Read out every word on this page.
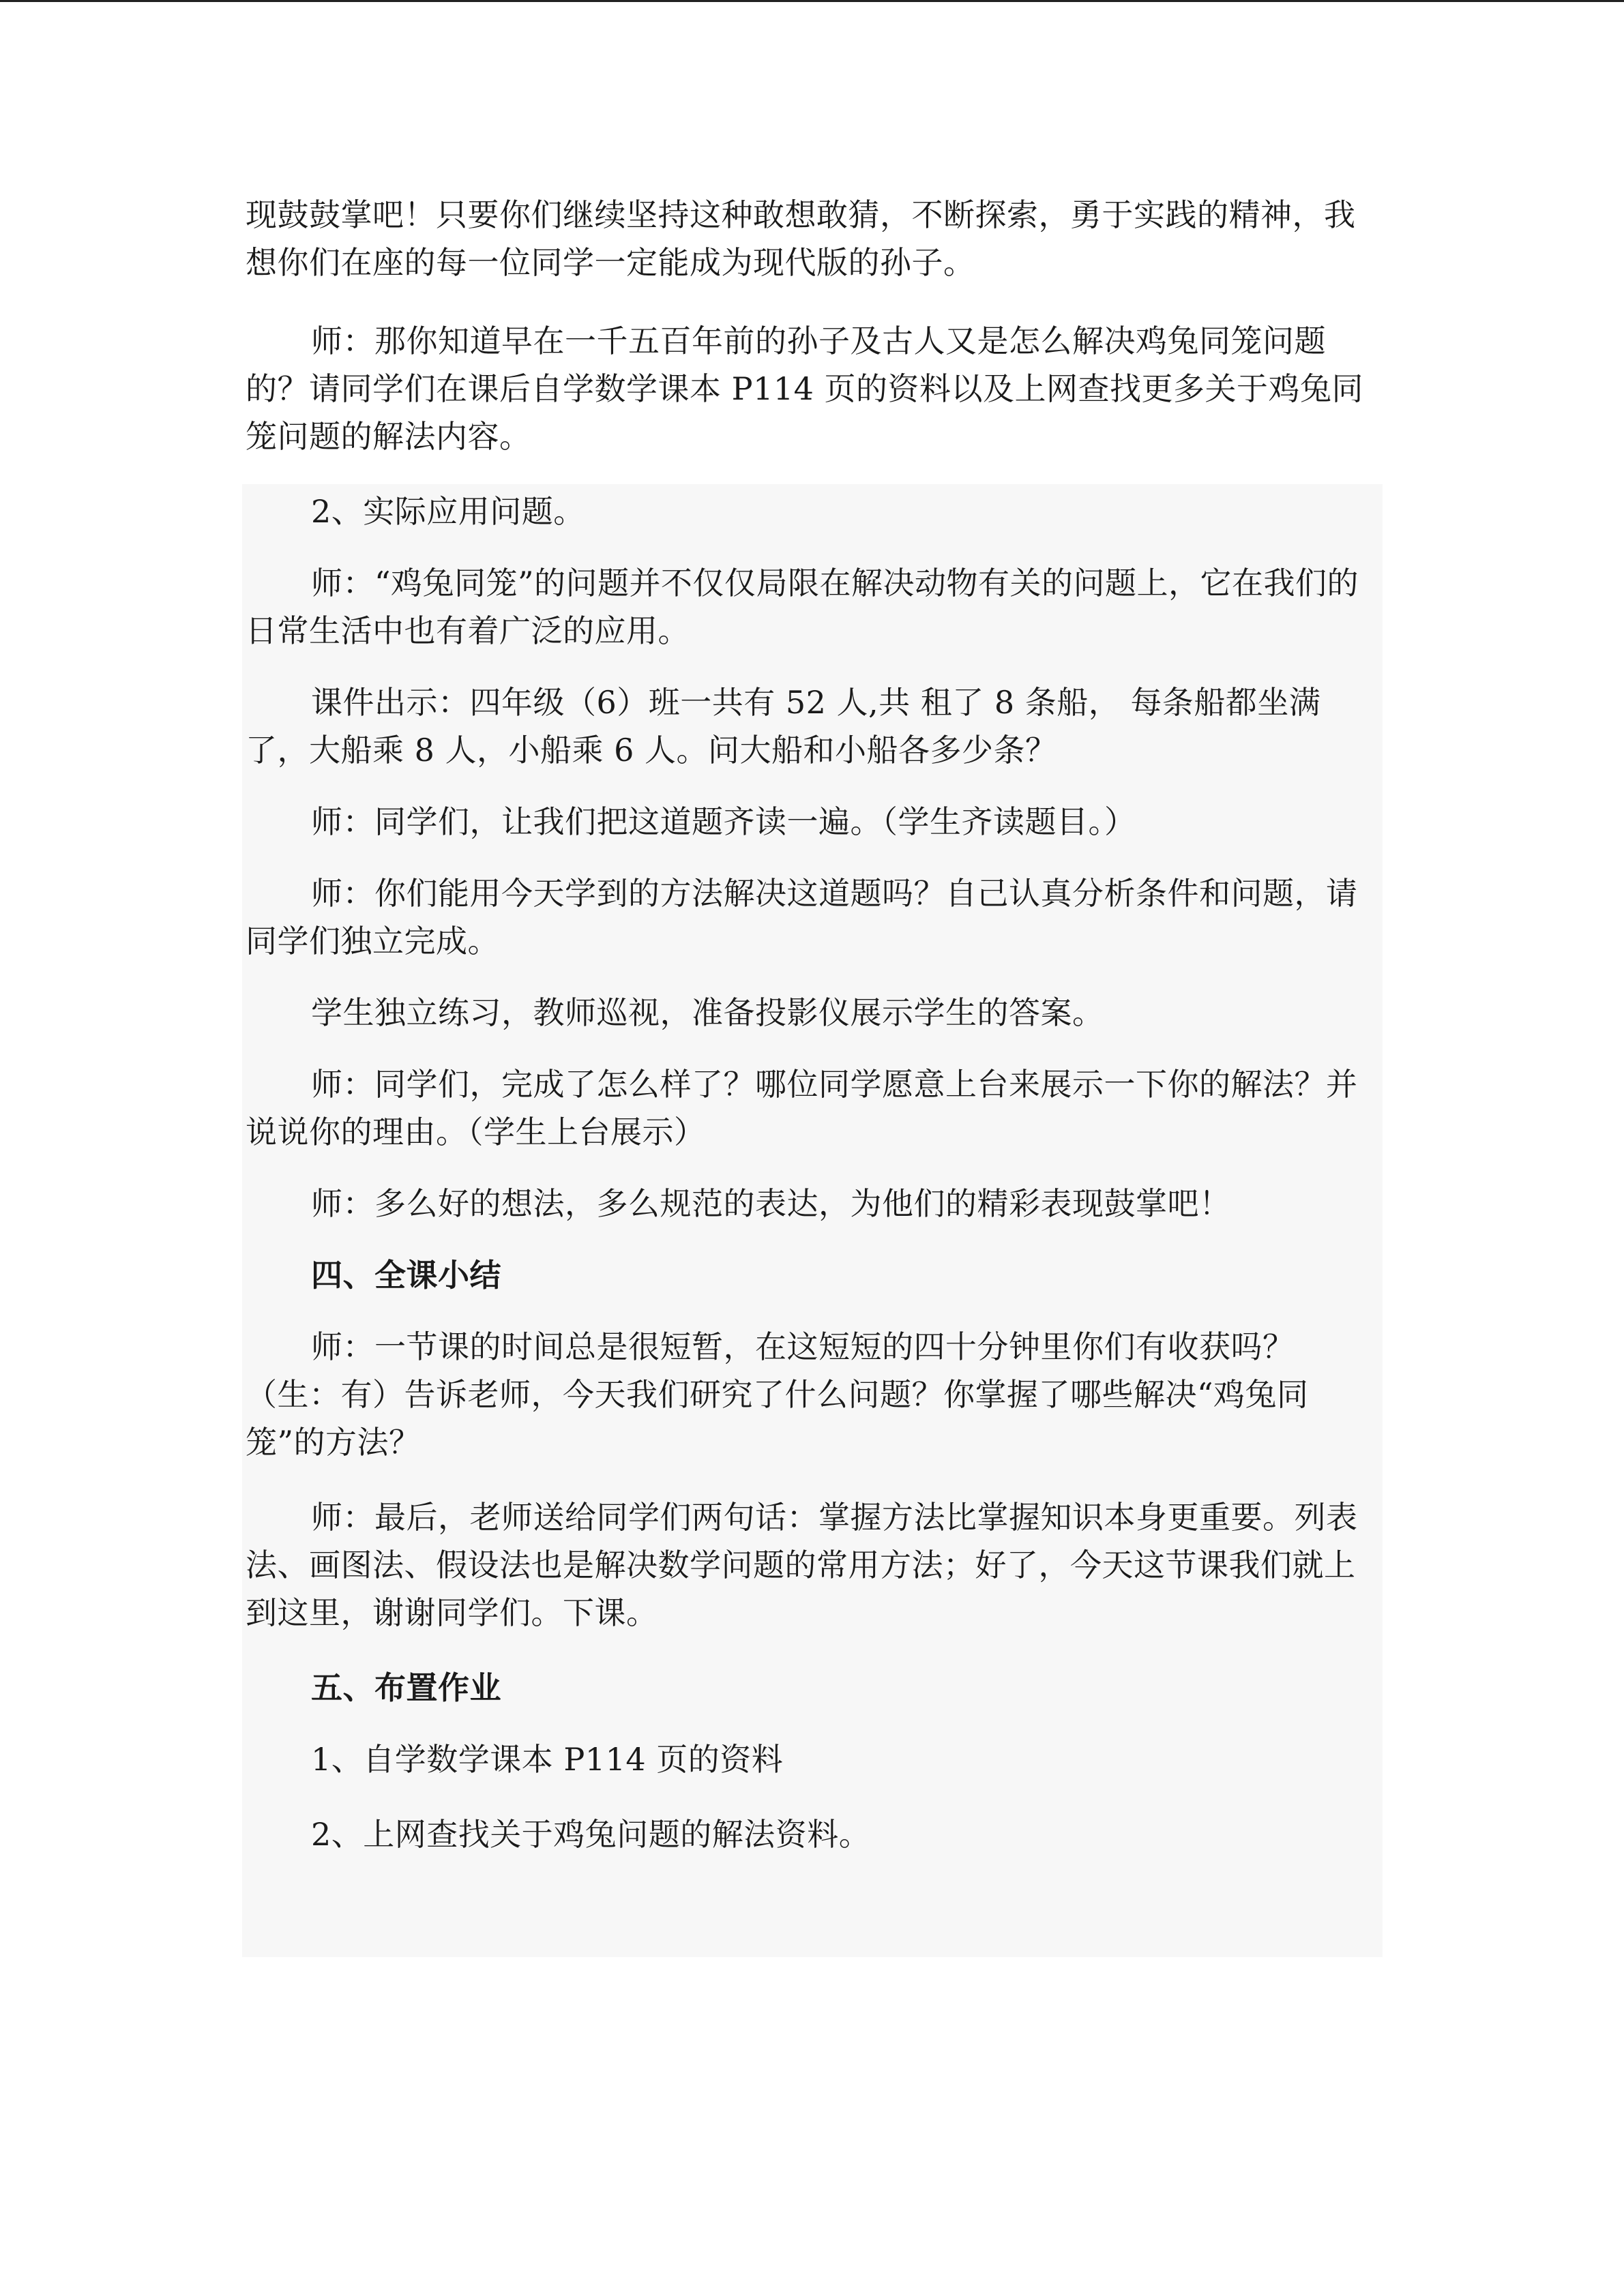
现鼓鼓掌吧！只要你们继续坚持这种敢想敢猜，不断探索，勇于实践的精神，我想你们在座的每一位同学一定能成为现代版的孙子。

师：那你知道早在一千五百年前的孙子及古人又是怎么解决鸡兔同笼问题的？请同学们在课后自学数学课本 P114 页的资料以及上网查找更多关于鸡兔同笼问题的解法内容。

2、实际应用问题。

师：“鸡兔同笼”的问题并不仅仅局限在解决动物有关的问题上，它在我们的日常生活中也有着广泛的应用。

课件出示：四年级（6）班一共有 52 人,共 租了 8 条船， 每条船都坐满了，大船乘 8 人，小船乘 6 人。问大船和小船各多少条？

师：同学们，让我们把这道题齐读一遍。（学生齐读题目。）

师：你们能用今天学到的方法解决这道题吗？自己认真分析条件和问题，请同学们独立完成。

学生独立练习，教师巡视，准备投影仪展示学生的答案。

师：同学们，完成了怎么样了？哪位同学愿意上台来展示一下你的解法？并说说你的理由。（学生上台展示）

师：多么好的想法，多么规范的表达，为他们的精彩表现鼓掌吧！

四、全课小结

师：一节课的时间总是很短暂，在这短短的四十分钟里你们有收获吗？（生：有）告诉老师，今天我们研究了什么问题？你掌握了哪些解决“鸡兔同笼”的方法？

师：最后，老师送给同学们两句话：掌握方法比掌握知识本身更重要。列表法、画图法、假设法也是解决数学问题的常用方法；好了，今天这节课我们就上到这里，谢谢同学们。下课。

五、布置作业

1、自学数学课本 P114 页的资料

2、上网查找关于鸡兔问题的解法资料。
